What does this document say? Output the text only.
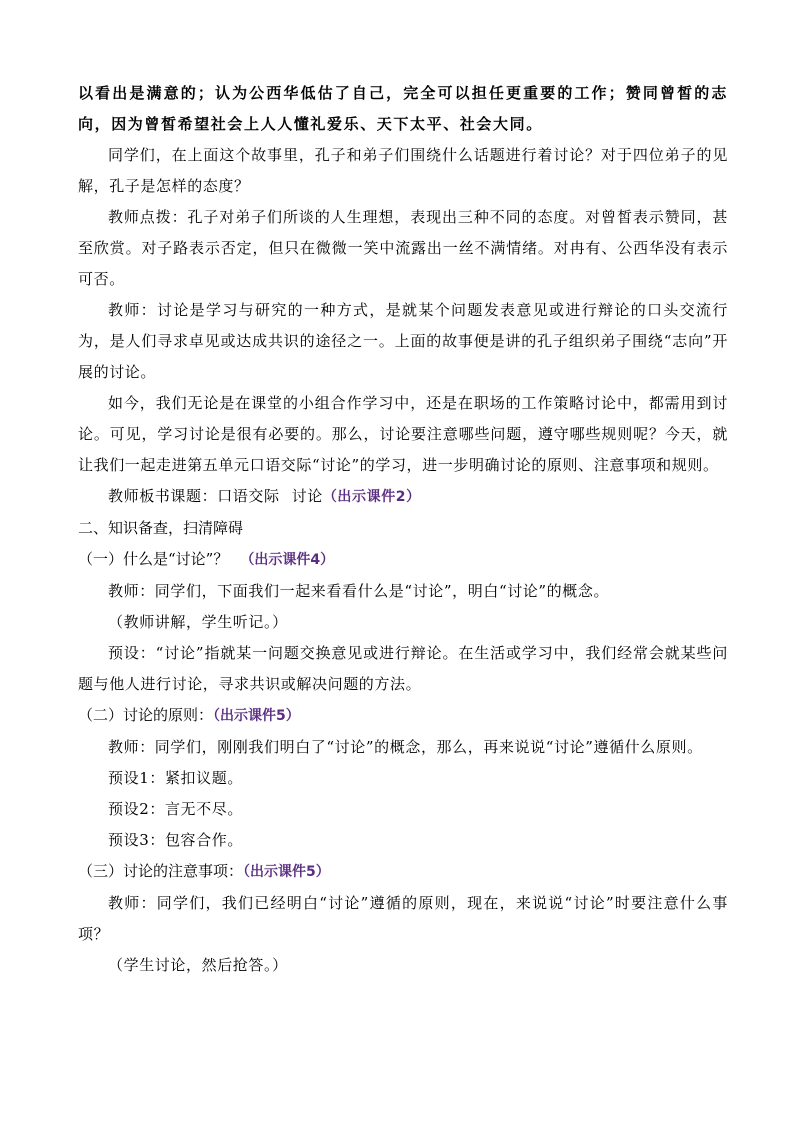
以看出是满意的；认为公西华低估了自己，完全可以担任更重要的工作；赞同曾皙的志向，因为曾皙希望社会上人人懂礼爱乐、天下太平、社会大同。

同学们，在上面这个故事里，孔子和弟子们围绕什么话题进行着讨论？对于四位弟子的见解，孔子是怎样的态度？

教师点拨：孔子对弟子们所谈的人生理想，表现出三种不同的态度。对曾皙表示赞同，甚至欣赏。对子路表示否定，但只在微微一笑中流露出一丝不满情绪。对冉有、公西华没有表示可否。

教师：讨论是学习与研究的一种方式，是就某个问题发表意见或进行辩论的口头交流行为，是人们寻求卓见或达成共识的途径之一。上面的故事便是讲的孔子组织弟子围绕“志向”开展的讨论。

如今，我们无论是在课堂的小组合作学习中，还是在职场的工作策略讨论中，都需用到讨论。可见，学习讨论是很有必要的。那么，讨论要注意哪些问题，遵守哪些规则呢？今天，就让我们一起走进第五单元口语交际“讨论”的学习，进一步明确讨论的原则、注意事项和规则。

教师板书课题：口语交际 讨论（出示课件2）

二、知识备查，扫清障碍

（一）什么是“讨论”？ （出示课件4）

教师：同学们，下面我们一起来看看什么是“讨论”，明白“讨论”的概念。

（教师讲解，学生听记。）

预设：“讨论”指就某一问题交换意见或进行辩论。在生活或学习中，我们经常会就某些问题与他人进行讨论，寻求共识或解决问题的方法。

（二）讨论的原则：（出示课件5）

教师：同学们，刚刚我们明白了“讨论”的概念，那么，再来说说“讨论”遵循什么原则。

预设1：紧扣议题。

预设2：言无不尽。

预设3：包容合作。

（三）讨论的注意事项：（出示课件5）

教师：同学们，我们已经明白“讨论”遵循的原则，现在，来说说“讨论”时要注意什么事项？

（学生讨论，然后抢答。）
